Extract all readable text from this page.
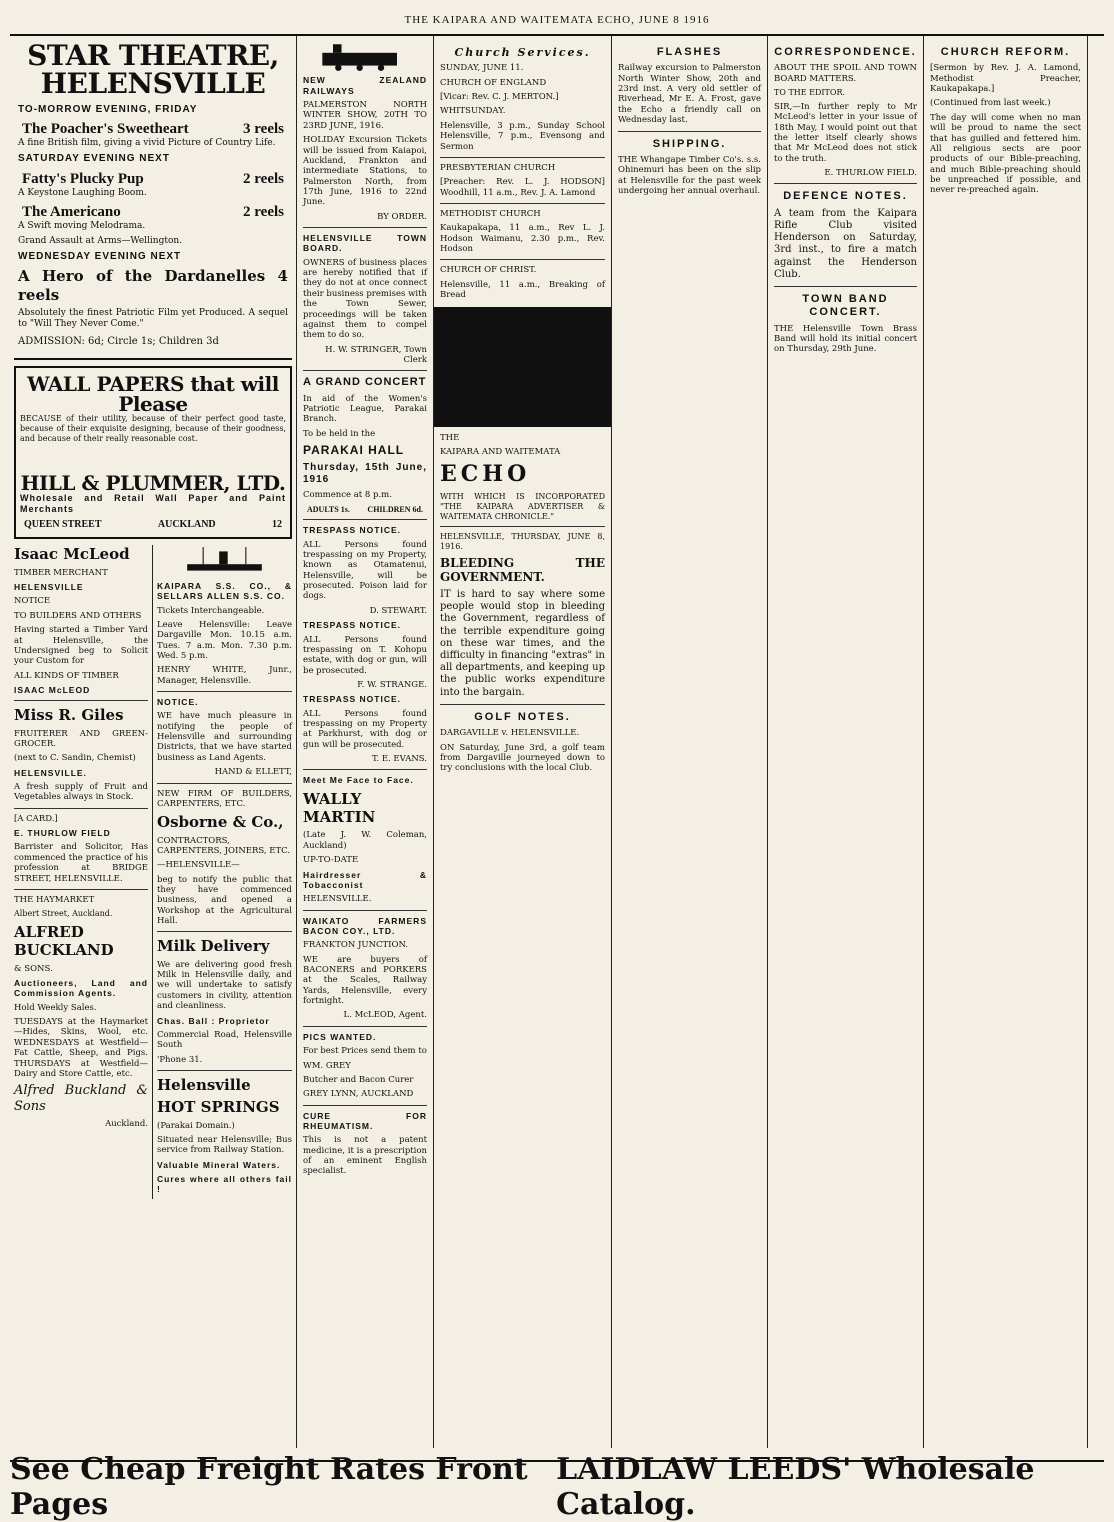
THE KAIPARA AND WAITEMATA ECHO, JUNE 8 1916
STAR THEATRE, HELENSVILLE

TO-MORROW EVENING, FRIDAY

The Poacher's Sweetheart	3 reels

A fine British film, giving a vivid Picture of Country Life.

SATURDAY EVENING NEXT

Fatty's Plucky Pup	2 reels

A Keystone Laughing Boom.

The Americano	2 reels

A Swift moving Melodrama.

Grand Assault at Arms—Wellington.

WEDNESDAY EVENING NEXT

A Hero of the Dardanelles 4 reels

Absolutely the finest Patriotic Film yet Produced. A sequel to "Will They Never Come."

ADMISSION: 6d; Circle 1s; Children 3d

WALL PAPERS that will Please

BECAUSE of their utility, because of their perfect good taste, because of their exquisite designing, because of their goodness, and because of their really reasonable cost.

HILL & PLUMMER, LTD.

Wholesale and Retail Wall Paper and Paint Merchants

QUEEN STREET	AUCKLAND	12

Isaac McLeod

TIMBER MERCHANT

HELENSVILLE

NOTICE

TO BUILDERS AND OTHERS

Having started a Timber Yard at Helensville, the Undersigned beg to Solicit your Custom for

ALL KINDS OF TIMBER

ISAAC McLEOD

Miss R. Giles

FRUITERER AND GREEN-GROCER.

(next to C. Sandin, Chemist)

HELENSVILLE.

A fresh supply of Fruit and Vegetables always in Stock.

[A CARD.]

E. THURLOW FIELD

Barrister and Solicitor, Has commenced the practice of his profession at BRIDGE STREET, HELENSVILLE.

THE HAYMARKET

Albert Street, Auckland.

ALFRED BUCKLAND

& SONS.

Auctioneers, Land and Commission Agents.

Hold Weekly Sales.

TUESDAYS at the Haymarket—Hides, Skins, Wool, etc. WEDNESDAYS at Westfield—Fat Cattle, Sheep, and Pigs. THURSDAYS at Westfield—Dairy and Store Cattle, etc.

Alfred Buckland & Sons

Auckland.

KAIPARA S.S. CO., & SELLARS ALLEN S.S. CO.

Tickets Interchangeable.

Leave Helensville: Leave Dargaville Mon. 10.15 a.m. Tues. 7 a.m. Mon. 7.30 p.m. Wed. 5 p.m.

HENRY WHITE, Junr., Manager, Helensville.

NOTICE.

WE have much pleasure in notifying the people of Helensville and surrounding Districts, that we have started business as Land Agents.

HAND & ELLETT,

NEW FIRM OF BUILDERS, CARPENTERS, ETC.

Osborne & Co.,

CONTRACTORS, CARPENTERS, JOINERS, ETC.

—HELENSVILLE—

beg to notify the public that they have commenced business, and opened a Workshop at the Agricultural Hall.

Milk Delivery

We are delivering good fresh Milk in Helensville daily, and we will undertake to satisfy customers in civility, attention and cleanliness.

Chas. Ball : Proprietor

Commercial Road, Helensville South

'Phone 31.

Helensville

HOT SPRINGS

(Parakai Domain.)

Situated near Helensville; Bus service from Railway Station.

Valuable Mineral Waters.

Cures where all others fail !

NEW ZEALAND RAILWAYS

PALMERSTON NORTH WINTER SHOW, 20TH TO 23RD JUNE, 1916.

HOLIDAY Excursion Tickets will be issued from Kaiapoi, Auckland, Frankton and intermediate Stations, to Palmerston North, from 17th June, 1916 to 22nd June.

BY ORDER.

HELENSVILLE TOWN BOARD.

OWNERS of business places are hereby notified that if they do not at once connect their business premises with the Town Sewer, proceedings will be taken against them to compel them to do so.

H. W. STRINGER, Town Clerk

A GRAND CONCERT

In aid of the Women's Patriotic League, Parakai Branch.

To be held in the

PARAKAI HALL

Thursday, 15th June, 1916

Commence at 8 p.m.

ADULTS 1s. CHILDREN 6d.

TRESPASS NOTICE.

ALL Persons found trespassing on my Property, known as Otamatenui, Helensville, will be prosecuted. Poison laid for dogs.

D. STEWART.

TRESPASS NOTICE.

ALL Persons found trespassing on T. Kohopu estate, with dog or gun, will be prosecuted.

F. W. STRANGE.

TRESPASS NOTICE.

ALL Persons found trespassing on my Property at Parkhurst, with dog or gun will be prosecuted.

T. E. EVANS.

Meet Me Face to Face.

WALLY MARTIN

(Late J. W. Coleman, Auckland)

UP-TO-DATE

Hairdresser & Tobacconist

HELENSVILLE.

WAIKATO FARMERS BACON COY., LTD.

FRANKTON JUNCTION.

WE are buyers of BACONERS and PORKERS at the Scales, Railway Yards, Helensville, every fortnight.

L. McLEOD, Agent.

PICS WANTED.

For best Prices send them to

WM. GREY

Butcher and Bacon Curer

GREY LYNN, AUCKLAND

CURE FOR RHEUMATISM.

This is not a patent medicine, it is a prescription of an eminent English specialist.

Church Services.

SUNDAY, JUNE 11.

CHURCH OF ENGLAND

[Vicar: Rev. C. J. MERTON.]

WHITSUNDAY.

Helensville, 3 p.m., Sunday School Helensville, 7 p.m., Evensong and Sermon

PRESBYTERIAN CHURCH

[Preacher: Rev. L. J. HODSON] Woodhill, 11 a.m., Rev. J. A. Lamond

METHODIST CHURCH

Kaukapakapa, 11 a.m., Rev L. J. Hodson Waimanu, 2.30 p.m., Rev. Hodson

CHURCH OF CHRIST.

Helensville, 11 a.m., Breaking of Bread

THE

KAIPARA AND WAITEMATA

ECHO

WITH WHICH IS INCORPORATED "THE KAIPARA ADVERTISER & WAITEMATA CHRONICLE."

HELENSVILLE, THURSDAY, JUNE 8, 1916.

BLEEDING THE GOVERNMENT.

IT is hard to say where some people would stop in bleeding the Government, regardless of the terrible expenditure going on these war times, and the difficulty in financing "extras" in all departments, and keeping up the public works expenditure into the bargain.

GOLF NOTES.

DARGAVILLE v. HELENSVILLE.

ON Saturday, June 3rd, a golf team from Dargaville journeyed down to try conclusions with the local Club.

FLASHES

Railway excursion to Palmerston North Winter Show, 20th and 23rd inst. A very old settler of Riverhead, Mr E. A. Frost, gave the Echo a friendly call on Wednesday last.

SHIPPING.

THE Whangape Timber Co's. s.s. Ohinemuri has been on the slip at Helensville for the past week undergoing her annual overhaul.

CORRESPONDENCE.

ABOUT THE SPOIL AND TOWN BOARD MATTERS.

TO THE EDITOR.

SIR,—In further reply to Mr McLeod's letter in your issue of 18th May, I would point out that the letter itself clearly shows that Mr McLeod does not stick to the truth.

E. THURLOW FIELD.

DEFENCE NOTES.

A team from the Kaipara Rifle Club visited Henderson on Saturday, 3rd inst., to fire a match against the Henderson Club.

TOWN BAND CONCERT.

THE Helensville Town Brass Band will hold its initial concert on Thursday, 29th June.

CHURCH REFORM.

[Sermon by Rev. J. A. Lamond, Methodist Preacher, Kaukapakapa.]

(Continued from last week.)

The day will come when no man will be proud to name the sect that has guilled and fettered him. All religious sects are poor products of our Bible-preaching, and much Bible-preaching should be unpreached if possible, and never re-preached again.

See Cheap Freight Rates Front Pages
LAIDLAW LEEDS' Wholesale Catalog.
